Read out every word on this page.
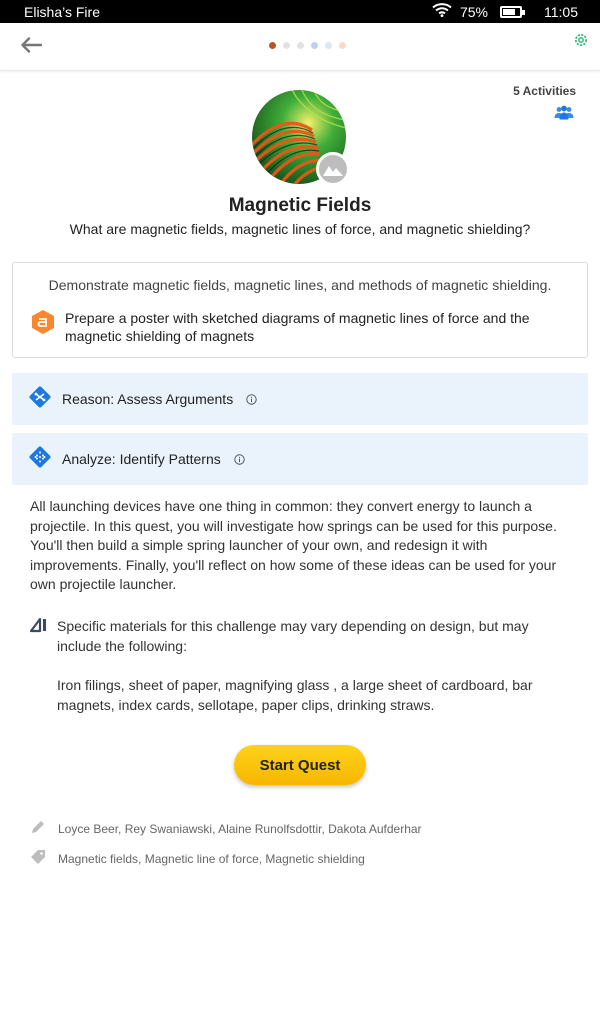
Elisha’s Fire	75%	11:05
5 Activities
Magnetic Fields
What are magnetic fields, magnetic lines of force, and magnetic shielding?
Demonstrate magnetic fields, magnetic lines, and methods of magnetic shielding.
Prepare a poster with sketched diagrams of magnetic lines of force and the magnetic shielding of magnets
Reason: Assess Arguments
Analyze: Identify Patterns

All launching devices have one thing in common: they convert energy to launch a projectile. In this quest, you will investigate how springs can be used for this purpose. You'll then build a simple spring launcher of your own, and redesign it with improvements. Finally, you'll reflect on how some of these ideas can be used for your own projectile launcher.

Specific materials for this challenge may vary depending on design, but may include the following:
Iron filings, sheet of paper, magnifying glass , a large sheet of cardboard, bar magnets, index cards, sellotape, paper clips, drinking straws.
Start Quest
Loyce Beer, Rey Swaniawski, Alaine Runolfsdottir, Dakota Aufderhar
Magnetic fields, Magnetic line of force, Magnetic shielding
